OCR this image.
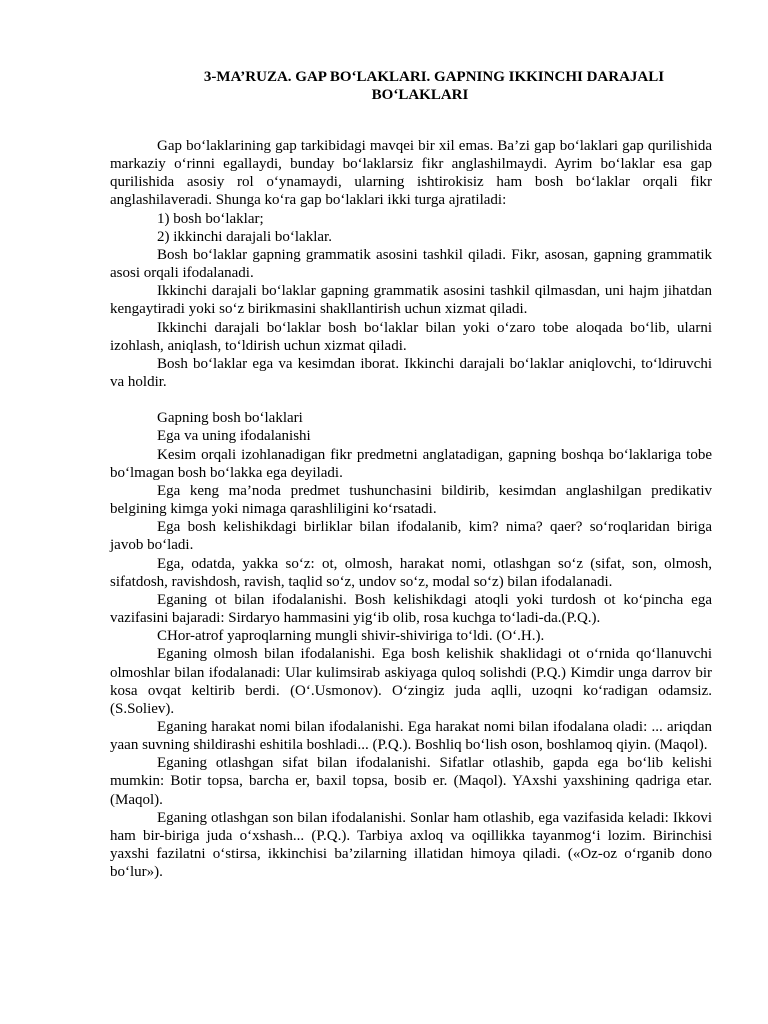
3-MA’RUZA. GAP BO‘LAKLARI. GAPNING IKKINCHI DARAJALI
BO‘LAKLARI

Gap bo‘laklarining gap tarkibidagi mavqei bir xil emas. Ba’zi gap bo‘laklari gap qurilishida markaziy o‘rinni egallaydi, bunday bo‘laklarsiz fikr anglashilmaydi. Ayrim bo‘laklar esa gap qurilishida asosiy rol o‘ynamaydi, ularning ishtirokisiz ham bosh bo‘laklar orqali fikr anglashilaveradi. Shunga ko‘ra gap bo‘laklari ikki turga ajratiladi:

1) bosh bo‘laklar;

2) ikkinchi darajali bo‘laklar.

Bosh bo‘laklar gapning grammatik asosini tashkil qiladi. Fikr, asosan, gapning grammatik asosi orqali ifodalanadi.

Ikkinchi darajali bo‘laklar gapning grammatik asosini tashkil qilmasdan, uni hajm jihatdan kengaytiradi yoki so‘z birikmasini shakllantirish uchun xizmat qiladi.

Ikkinchi darajali bo‘laklar bosh bo‘laklar bilan yoki o‘zaro tobe aloqada bo‘lib, ularni izohlash, aniqlash, to‘ldirish uchun xizmat qiladi.

Bosh bo‘laklar ega va kesimdan iborat. Ikkinchi darajali bo‘laklar aniqlovchi, to‘ldiruvchi va holdir.

Gapning bosh bo‘laklari

Ega va uning ifodalanishi

Kesim orqali izohlanadigan fikr predmetni anglatadigan, gapning boshqa bo‘laklariga tobe bo‘lmagan bosh bo‘lakka ega deyiladi.

Ega keng ma’noda predmet tushunchasini bildirib, kesimdan anglashilgan predikativ belgining kimga yoki nimaga qarashliligini ko‘rsatadi.

Ega bosh kelishikdagi birliklar bilan ifodalanib, kim? nima? qaer? so‘roqlaridan biriga javob bo‘ladi.

Ega, odatda, yakka so‘z: ot, olmosh, harakat nomi, otlashgan so‘z (sifat, son, olmosh, sifatdosh, ravishdosh, ravish, taqlid so‘z, undov so‘z, modal so‘z) bilan ifodalanadi.

Eganing ot bilan ifodalanishi. Bosh kelishikdagi atoqli yoki turdosh ot ko‘pincha ega vazifasini bajaradi: Sirdaryo hammasini yig‘ib olib, rosa kuchga to‘ladi-da.(P.Q.).

CHor-atrof yaproqlarning mungli shivir-shiviriga to‘ldi. (O‘.H.).

Eganing olmosh bilan ifodalanishi. Ega bosh kelishik shaklidagi ot o‘rnida qo‘llanuvchi olmoshlar bilan ifodalanadi: Ular kulimsirab askiyaga quloq solishdi (P.Q.) Kimdir unga darrov bir kosa ovqat keltirib berdi. (O‘.Usmonov). O‘zingiz juda aqlli, uzoqni ko‘radigan odamsiz. (S.Soliev).

Eganing harakat nomi bilan ifodalanishi. Ega harakat nomi bilan ifodalana oladi: ... ariqdan yaan suvning shildirashi eshitila boshladi... (P.Q.). Boshliq bo‘lish oson, boshlamoq qiyin. (Maqol).

Eganing otlashgan sifat bilan ifodalanishi. Sifatlar otlashib, gapda ega bo‘lib kelishi mumkin: Botir topsa, barcha er, baxil topsa, bosib er. (Maqol). YAxshi yaxshining qadriga etar. (Maqol).

Eganing otlashgan son bilan ifodalanishi. Sonlar ham otlashib, ega vazifasida keladi: Ikkovi ham bir-biriga juda o‘xshash... (P.Q.). Tarbiya axloq va oqillikka tayanmog‘i lozim. Birinchisi yaxshi fazilatni o‘stirsa, ikkinchisi ba’zilarning illatidan himoya qiladi. («Oz-oz o‘rganib dono bo‘lur»).
